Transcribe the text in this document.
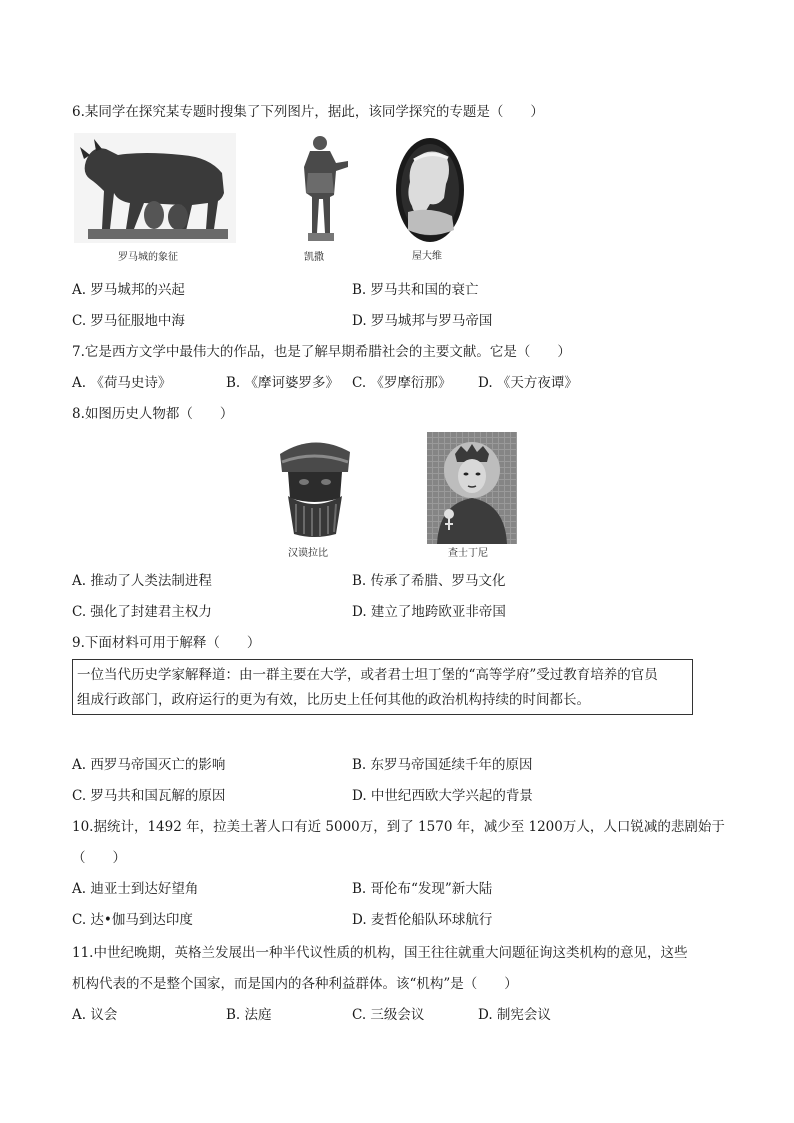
6.某同学在探究某专题时搜集了下列图片，据此，该同学探究的专题是（　　）
罗马城的象征	凯撒	屋大维
A. 罗马城邦的兴起	B. 罗马共和国的衰亡
C. 罗马征服地中海	D. 罗马城邦与罗马帝国
7.它是西方文学中最伟大的作品，也是了解早期希腊社会的主要文献。它是（　　）
A. 《荷马史诗》	B. 《摩诃婆罗多》 C. 《罗摩衍那》 D. 《天方夜谭》
8.如图历史人物都（　　）
汉谟拉比	查士丁尼
A. 推动了人类法制进程	B. 传承了希腊、罗马文化
C. 强化了封建君主权力	D. 建立了地跨欧亚非帝国
9.下面材料可用于解释（　　）
一位当代历史学家解释道：由一群主要在大学，或者君士坦丁堡的“高等学府”受过教育培养的官员
组成行政部门，政府运行的更为有效，比历史上任何其他的政治机构持续的时间都长。
A. 西罗马帝国灭亡的影响	B. 东罗马帝国延续千年的原因
C. 罗马共和国瓦解的原因	D. 中世纪西欧大学兴起的背景
10.据统计，1492 年，拉美土著人口有近 5000万，到了 1570 年，减少至 1200万人，人口锐减的悲剧始于
（　　）
A. 迪亚士到达好望角	B. 哥伦布“发现”新大陆
C. 达•伽马到达印度	D. 麦哲伦船队环球航行
11.中世纪晚期，英格兰发展出一种半代议性质的机构，国王往往就重大问题征询这类机构的意见，这些
机构代表的不是整个国家，而是国内的各种利益群体。该“机构”是（　　）
A. 议会	B. 法庭	C. 三级会议	D. 制宪会议
